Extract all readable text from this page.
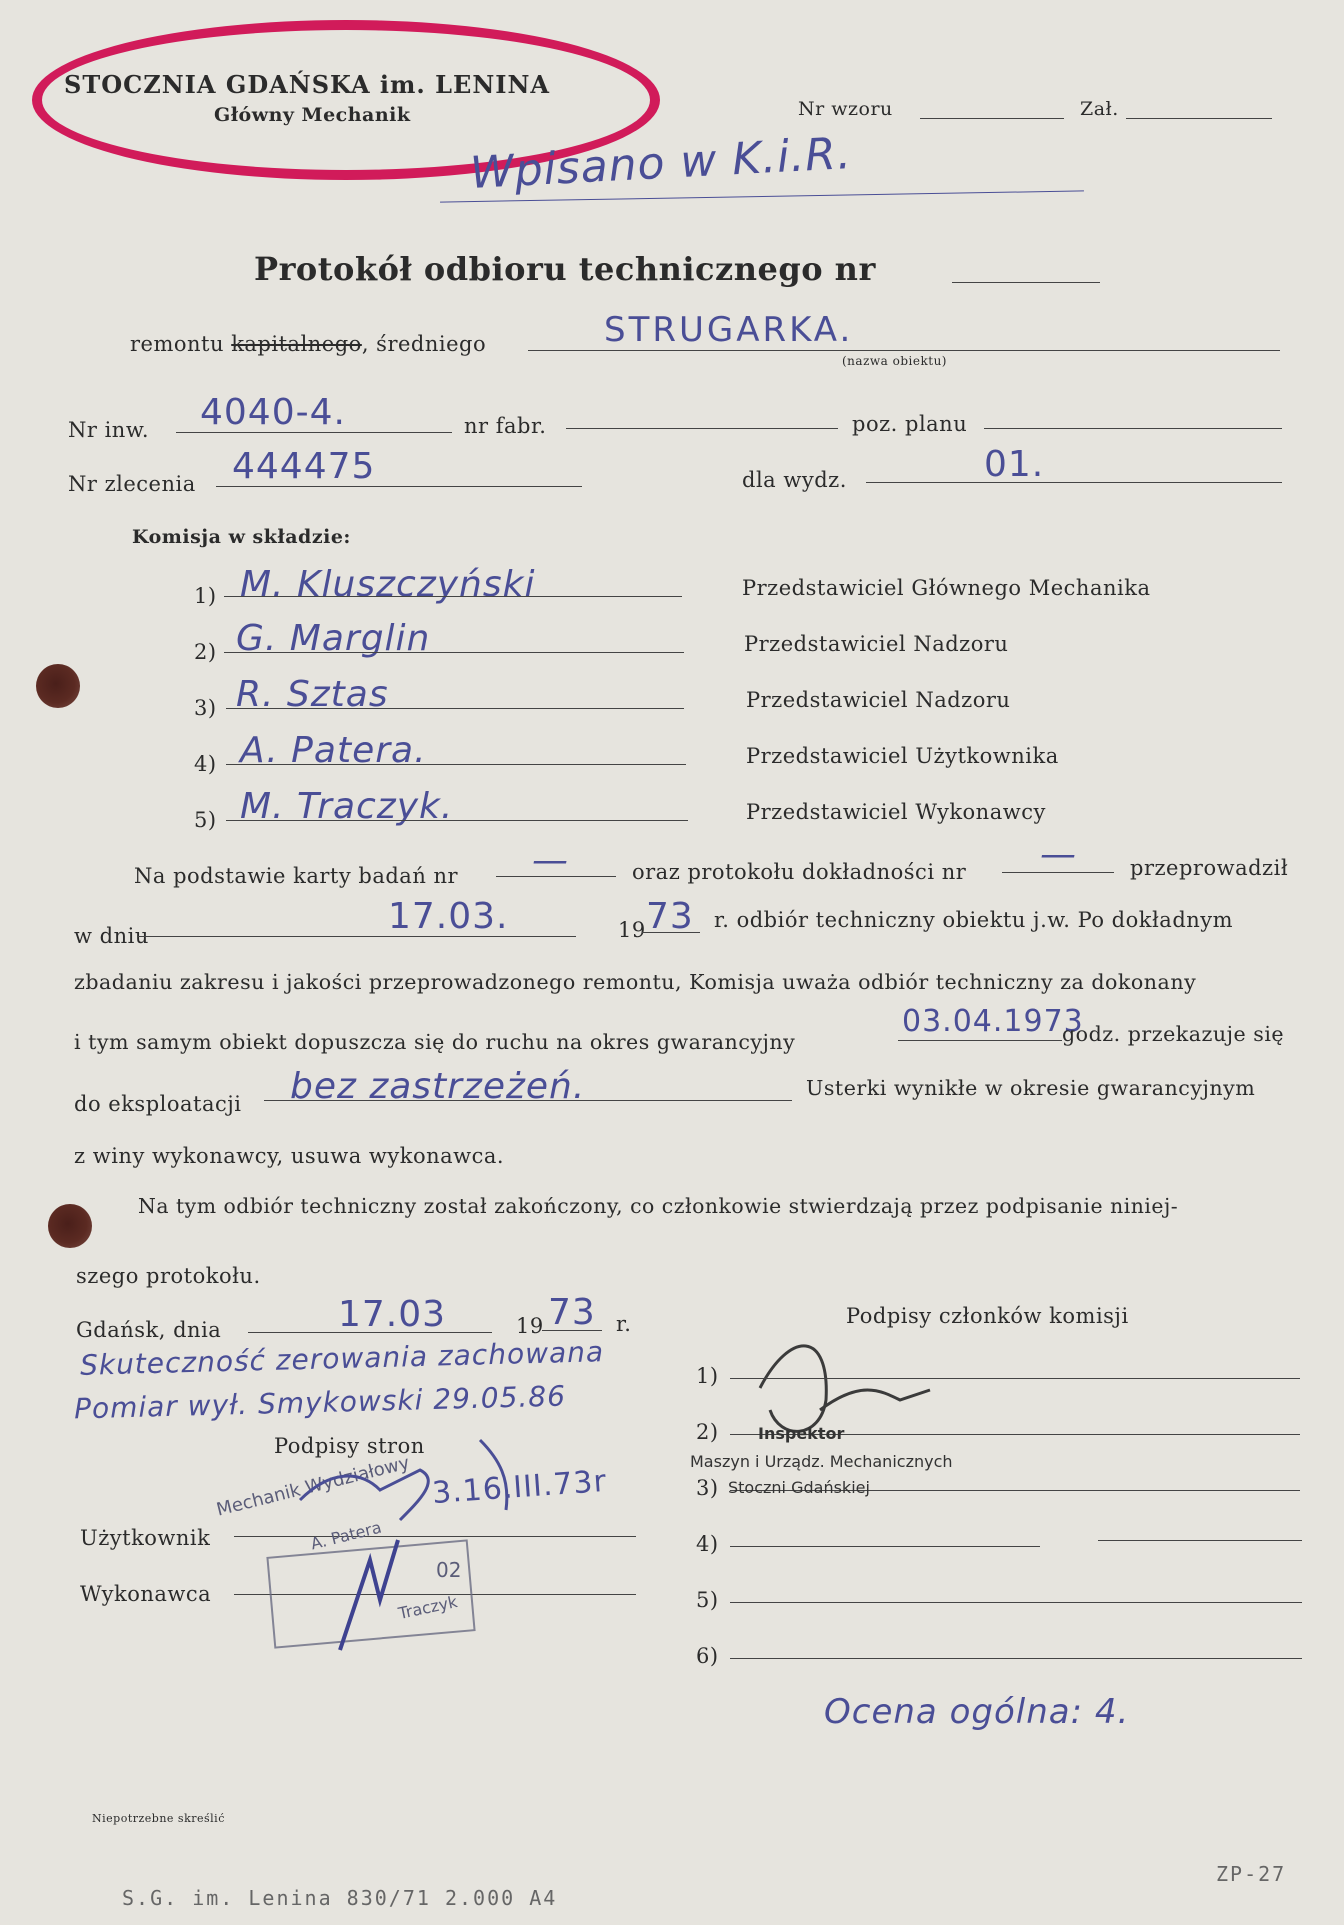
STOCZNIA GDAŃSKA im. LENINA
Główny Mechanik	Nr wzoru	Zał.
Wpisano w K.i.R.
Protokół odbioru technicznego nr
remontu kapitalnego, średniego	STRUGARKA.
(nazwa obiektu)
Nr inw. 4040-4.	nr fabr.	poz. planu
Nr zlecenia 444475	dla wydz.	01.
Komisja w składzie:
1) M. Kluszczyński	Przedstawiciel Głównego Mechanika
2) G. Marglin	Przedstawiciel Nadzoru
3) R. Sztas	Przedstawiciel Nadzoru
4) A. Patera.	Przedstawiciel Użytkownika
5) M. Traczyk.	Przedstawiciel Wykonawcy
Na podstawie karty badań nr —	oraz protokołu dokładności nr —	przeprowadził
w dniu	17.03.	19 73 r. odbiór techniczny obiektu j.w. Po dokładnym
zbadaniu zakresu i jakości przeprowadzonego remontu, Komisja uważa odbiór techniczny za dokonany
i tym samym obiekt dopuszcza się do ruchu na okres gwarancyjny
03.04.1973
godz. przekazuje się
do eksploatacji bez zastrzeżeń.	Usterki wynikłe w okresie gwarancyjnym
z winy wykonawcy, usuwa wykonawca.
Na tym odbiór techniczny został zakończony, co członkowie stwierdzają przez podpisanie niniej-
szego protokołu.
Gdańsk, dnia	17.03	19 73 r.	Podpisy członków komisji
Skuteczność zerowania zachowana
Pomiar wył. Smykowski 29.05.86
Podpisy stron
Użytkownik
Wykonawca
Mechanik Wydziałowy 3.16.III.73r
A. Patera
02
Traczyk
1)
2)
3)
4)
5)
6)
Inspektor
Maszyn i Urządz. Mechanicznych
Stoczni Gdańskiej
Ocena ogólna: 4.
Niepotrzebne skreślić
S.G. im. Lenina 830/71 2.000 A4
ZP-27
